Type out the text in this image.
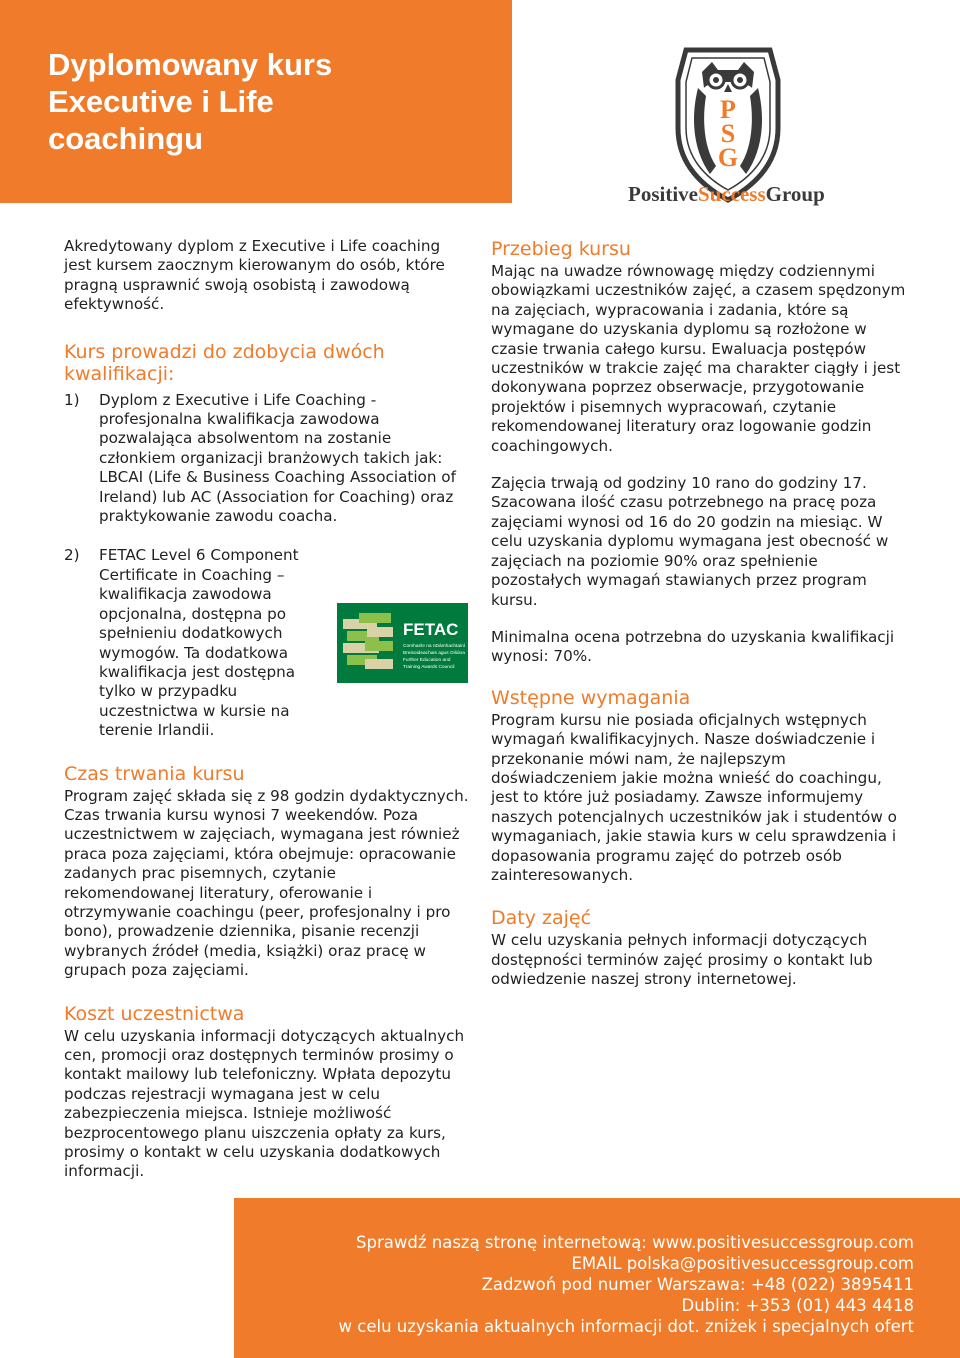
Dyplomowany kurs
Executive i Life
coachingu
P
S
G
PositiveSuccessGroup

Akredytowany dyplom z Executive i Life coaching jest kursem zaocznym kierowanym do osób, które pragną usprawnić swoją osobistą i zawodową efektywność.

Kurs prowadzi do zdobycia dwóch kwalifikacji:
1) Dyplom z Executive i Life Coaching - profesjonalna kwalifikacja zawodowa pozwalająca absolwentom na zostanie członkiem organizacji branżowych takich jak: LBCAI (Life & Business Coaching Association of Ireland) lub AC (Association for Coaching) oraz praktykowanie zawodu coacha.
2) FETAC Level 6 Component Certificate in Coaching – kwalifikacja zawodowa opcjonalna, dostępna po spełnieniu dodatkowych wymogów. Ta dodatkowa kwalifikacja jest dostępna tylko w przypadku uczestnictwa w kursie na terenie Irlandii.
Czas trwania kursu

Program zajęć składa się z 98 godzin dydaktycznych. Czas trwania kursu wynosi 7 weekendów. Poza uczestnictwem w zajęciach, wymagana jest również praca poza zajęciami, która obejmuje: opracowanie zadanych prac pisemnych, czytanie rekomendowanej literatury, oferowanie i otrzymywanie coachingu (peer, profesjonalny i pro bono), prowadzenie dziennika, pisanie recenzji wybranych źródeł (media, książki) oraz pracę w grupach poza zajęciami.

Koszt uczestnictwa

W celu uzyskania informacji dotyczących aktualnych cen, promocji oraz dostępnych terminów prosimy o kontakt mailowy lub telefoniczny. Wpłata depozytu podczas rejestracji wymagana jest w celu zabezpieczenia miejsca. Istnieje możliwość bezprocentowego planu uiszczenia opłaty za kurs, prosimy o kontakt w celu uzyskania dodatkowych informacji.

FETAC
Comhairle na nDámhachtainí
Breisoideachais agus Oiliúna
Further Education and
Training Awards Council
Przebieg kursu

Mając na uwadze równowagę między codziennymi obowiązkami uczestników zajęć, a czasem spędzonym na zajęciach, wypracowania i zadania, które są wymagane do uzyskania dyplomu są rozłożone w czasie trwania całego kursu. Ewaluacja postępów uczestników w trakcie zajęć ma charakter ciągły i jest dokonywana poprzez obserwacje, przygotowanie projektów i pisemnych wypracowań, czytanie rekomendowanej literatury oraz logowanie godzin coachingowych.

Zajęcia trwają od godziny 10 rano do godziny 17. Szacowana ilość czasu potrzebnego na pracę poza zajęciami wynosi od 16 do 20 godzin na miesiąc. W celu uzyskania dyplomu wymagana jest obecność w zajęciach na poziomie 90% oraz spełnienie pozostałych wymagań stawianych przez program kursu.

Minimalna ocena potrzebna do uzyskania kwalifikacji wynosi: 70%.

Wstępne wymagania

Program kursu nie posiada oficjalnych wstępnych wymagań kwalifikacyjnych. Nasze doświadczenie i przekonanie mówi nam, że najlepszym doświadczeniem jakie można wnieść do coachingu, jest to które już posiadamy. Zawsze informujemy naszych potencjalnych uczestników jak i studentów o wymaganiach, jakie stawia kurs w celu sprawdzenia i dopasowania programu zajęć do potrzeb osób zainteresowanych.

Daty zajęć

W celu uzyskania pełnych informacji dotyczących dostępności terminów zajęć prosimy o kontakt lub odwiedzenie naszej strony internetowej.

Sprawdź naszą stronę internetową: www.positivesuccessgroup.com
EMAIL polska@positivesuccessgroup.com
Zadzwoń pod numer Warszawa: +48 (022) 3895411
Dublin: +353 (01) 443 4418
w celu uzyskania aktualnych informacji dot. zniżek i specjalnych ofert
